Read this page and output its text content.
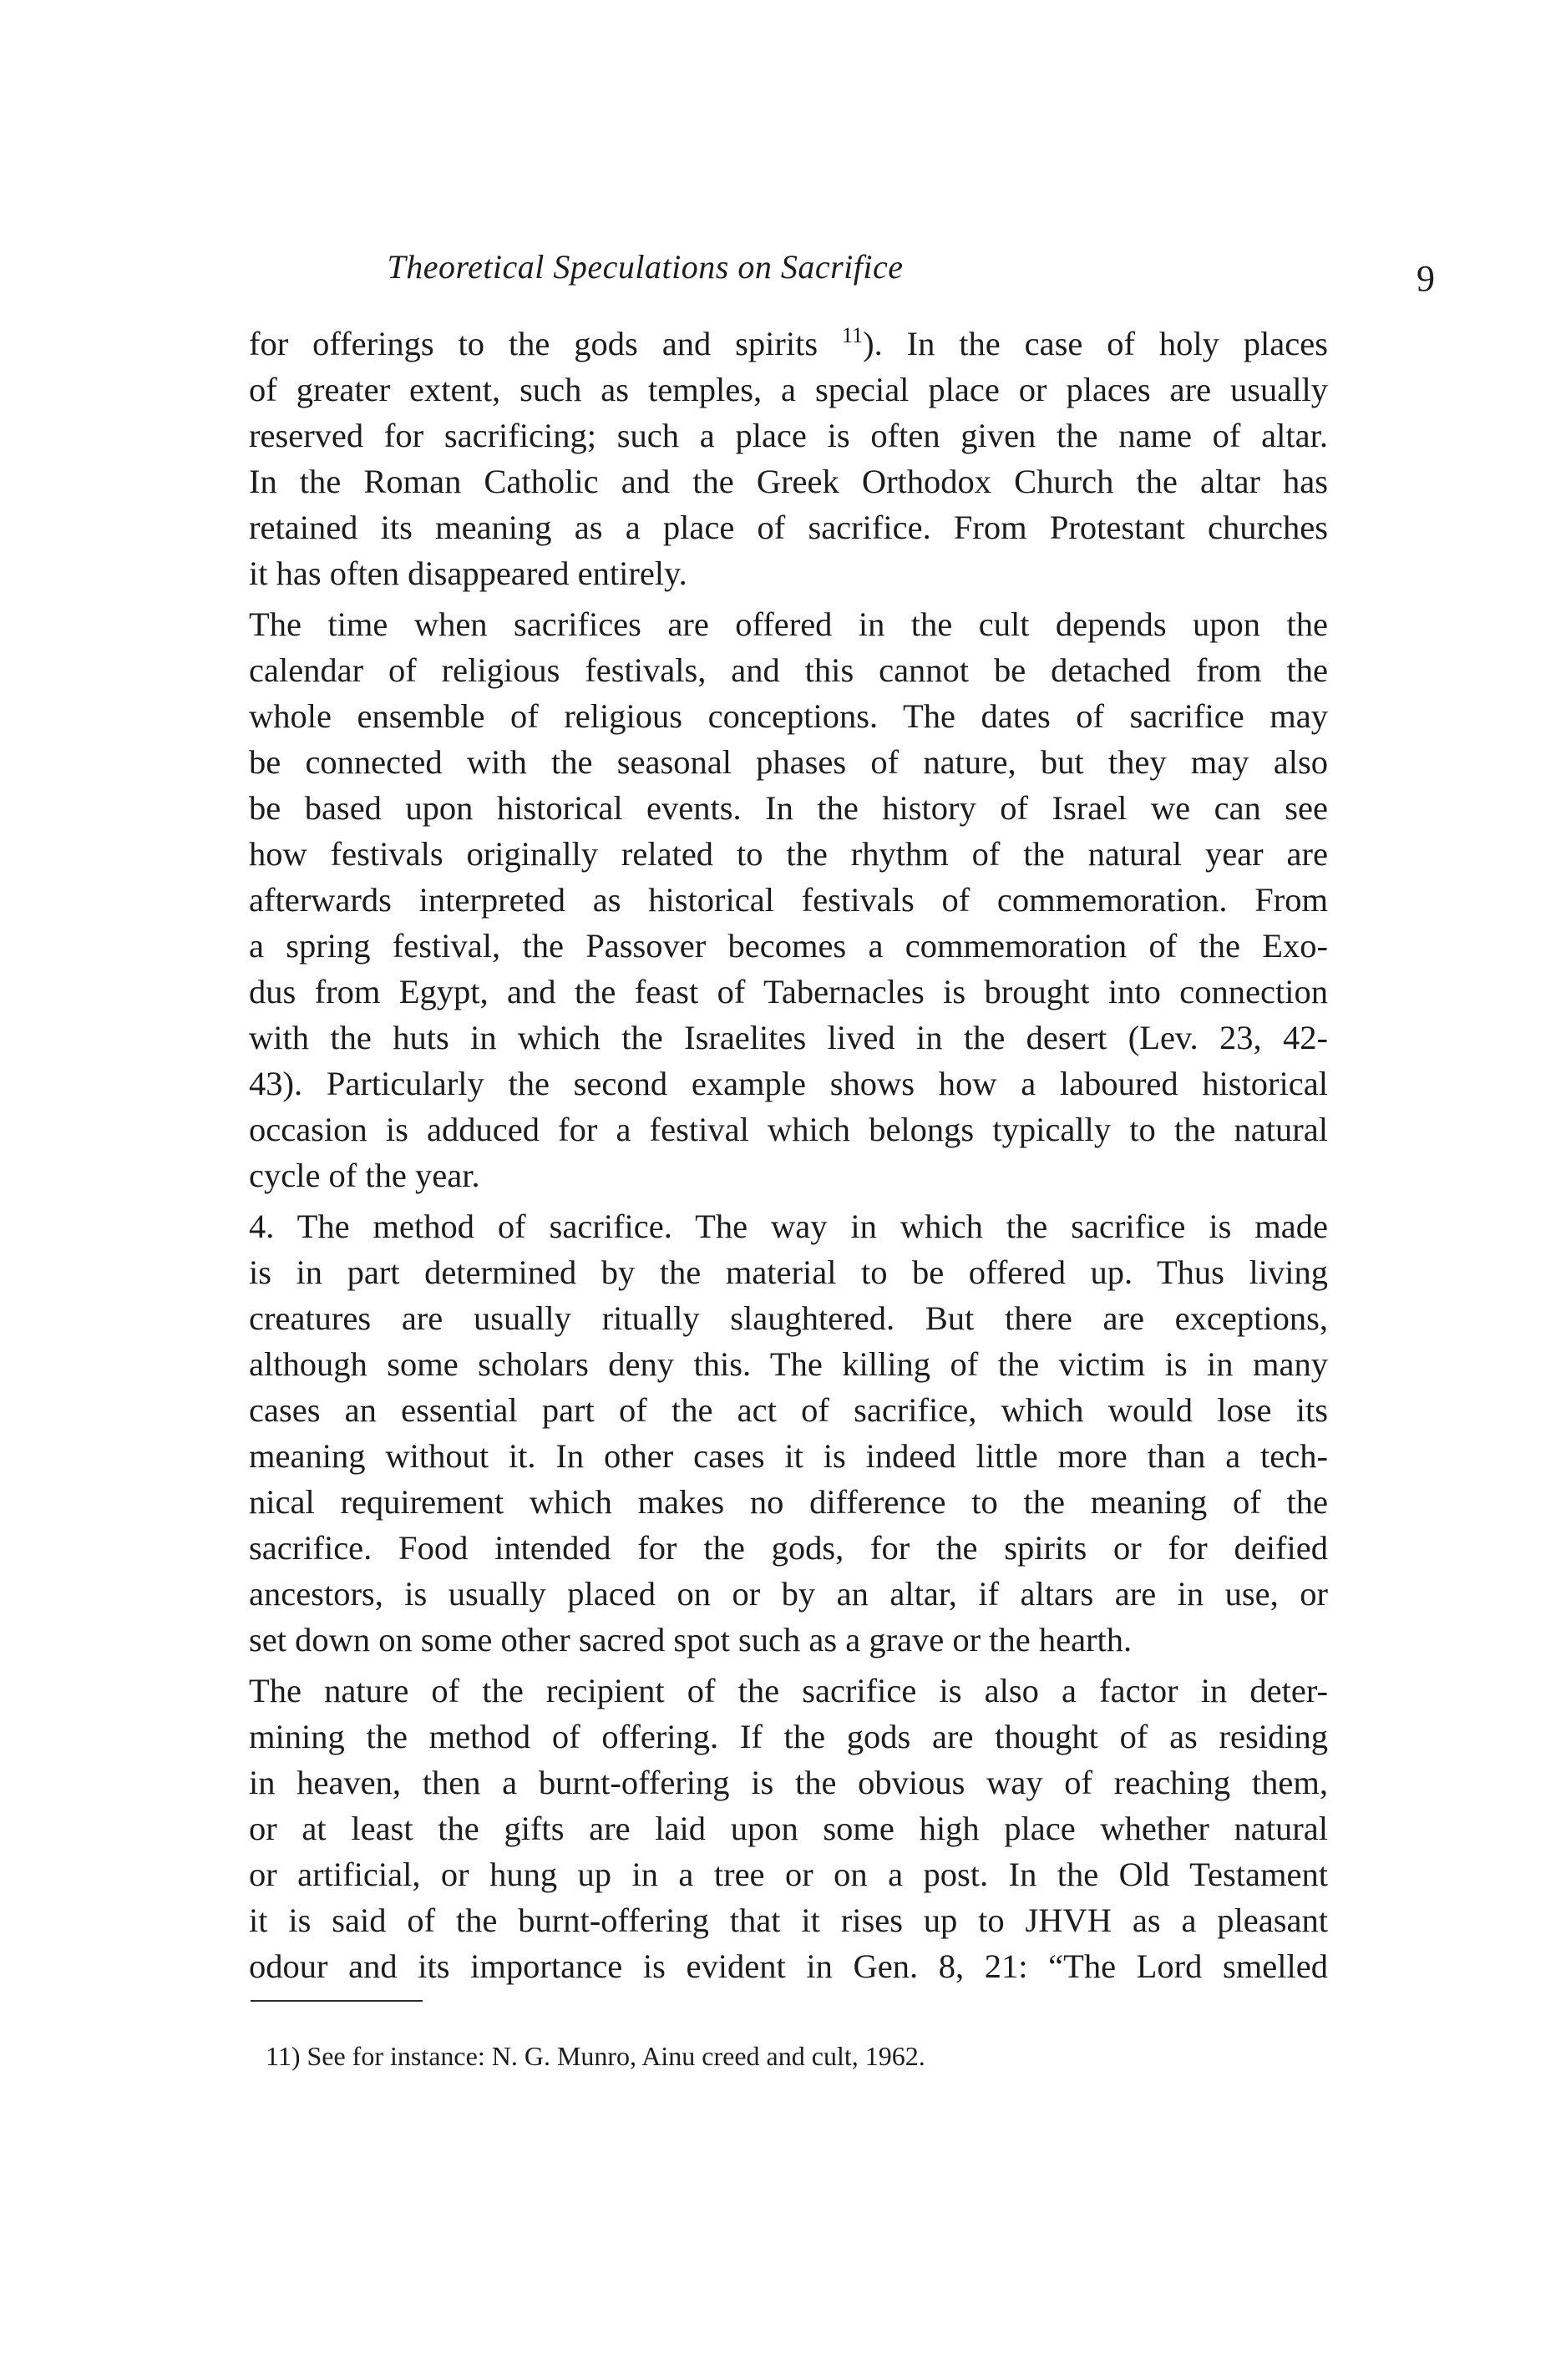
Theoretical Speculations on Sacrifice	9
for offerings to the gods and spirits $^{11}$). In the case of holy places
of greater extent, such as temples, a special place or places are usually
reserved for sacrificing; such a place is often given the name of altar.
In the Roman Catholic and the Greek Orthodox Church the altar has
retained its meaning as a place of sacrifice. From Protestant churches
it has often disappeared entirely.
The time when sacrifices are offered in the cult depends upon the
calendar of religious festivals, and this cannot be detached from the
whole ensemble of religious conceptions. The dates of sacrifice may
be connected with the seasonal phases of nature, but they may also
be based upon historical events. In the history of Israel we can see
how festivals originally related to the rhythm of the natural year are
afterwards interpreted as historical festivals of commemoration. From
a spring festival, the Passover becomes a commemoration of the Exo-
dus from Egypt, and the feast of Tabernacles is brought into connection
with the huts in which the Israelites lived in the desert (Lev. 23, 42-
43). Particularly the second example shows how a laboured historical
occasion is adduced for a festival which belongs typically to the natural
cycle of the year.
4. The method of sacrifice. The way in which the sacrifice is made
is in part determined by the material to be offered up. Thus living
creatures are usually ritually slaughtered. But there are exceptions,
although some scholars deny this. The killing of the victim is in many
cases an essential part of the act of sacrifice, which would lose its
meaning without it. In other cases it is indeed little more than a tech-
nical requirement which makes no difference to the meaning of the
sacrifice. Food intended for the gods, for the spirits or for deified
ancestors, is usually placed on or by an altar, if altars are in use, or
set down on some other sacred spot such as a grave or the hearth.
The nature of the recipient of the sacrifice is also a factor in deter-
mining the method of offering. If the gods are thought of as residing
in heaven, then a burnt-offering is the obvious way of reaching them,
or at least the gifts are laid upon some high place whether natural
or artificial, or hung up in a tree or on a post. In the Old Testament
it is said of the burnt-offering that it rises up to JHVH as a pleasant
odour and its importance is evident in Gen. 8, 21: “The Lord smelled
11) See for instance: N. G. Munro, Ainu creed and cult, 1962.
